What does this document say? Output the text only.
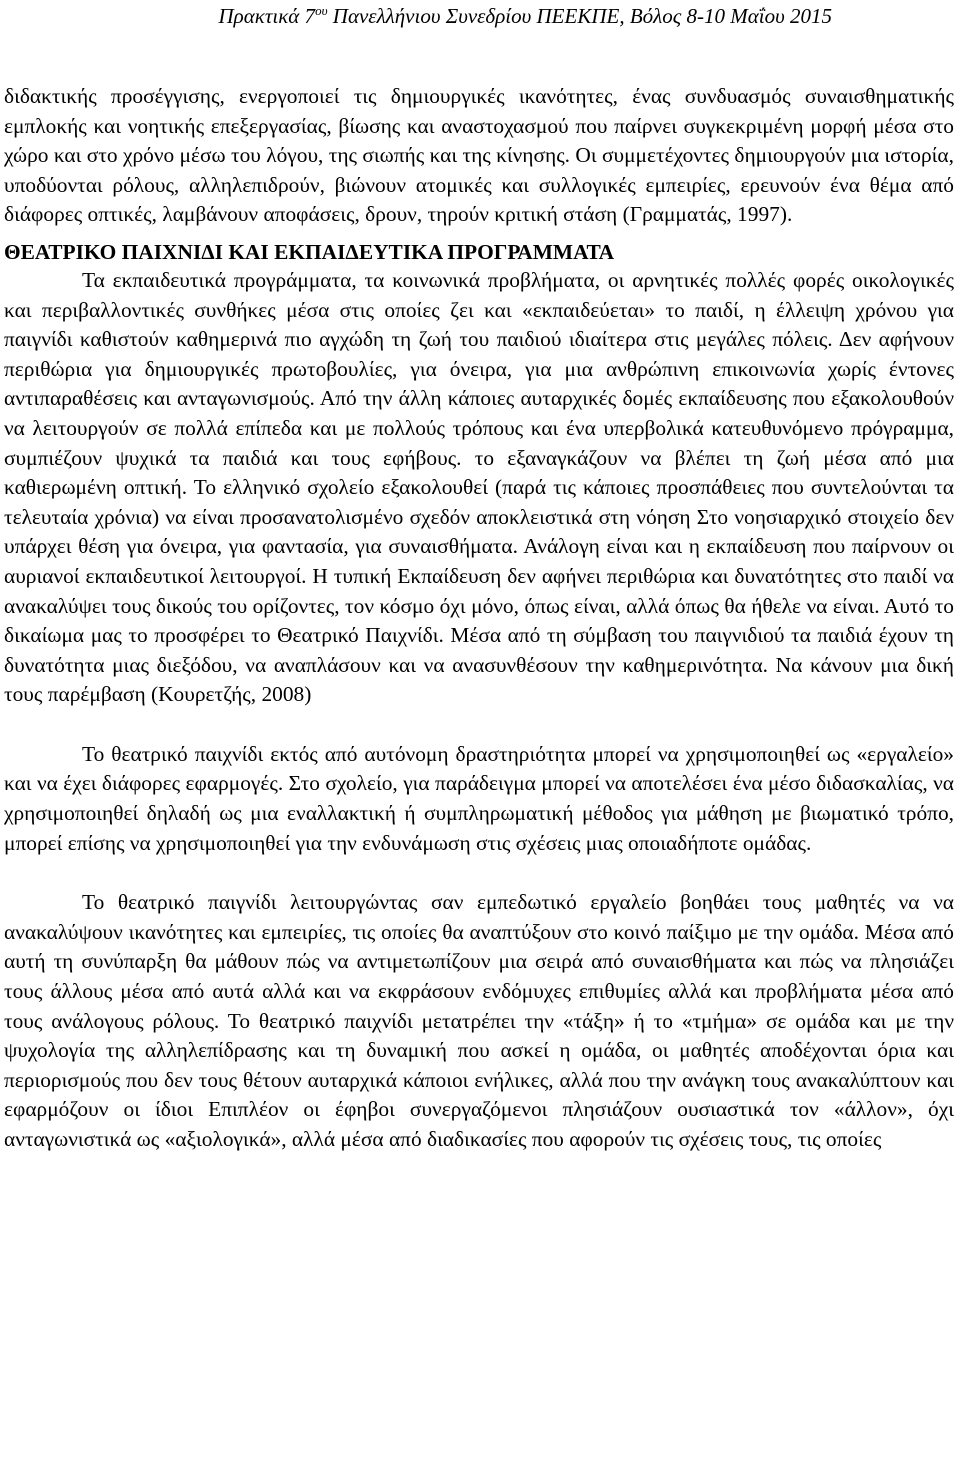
Πρακτικά $7^{o\upsilon}$ Πανελλήνιου Συνεδρίου ΠΕΕΚΠΕ, Βόλος 8-10 Μαΐου 2015

διδακτικής προσέγγισης, ενεργοποιεί τις δημιουργικές ικανότητες, ένας συνδυασμός συναισθηματικής εμπλοκής και νοητικής επεξεργασίας, βίωσης και αναστοχασμού που παίρνει συγκεκριμένη μορφή μέσα στο χώρο και στο χρόνο μέσω του λόγου, της σιωπής και της κίνησης. Οι συμμετέχοντες δημιουργούν μια ιστορία, υποδύονται ρόλους, αλληλεπιδρούν, βιώνουν ατομικές και συλλογικές εμπειρίες, ερευνούν ένα θέμα από διάφορες οπτικές, λαμβάνουν αποφάσεις, δρουν, τηρούν κριτική στάση (Γραμματάς, 1997).

ΘΕΑΤΡΙΚΟ ΠΑΙΧΝΙΔΙ ΚΑΙ ΕΚΠΑΙΔΕΥΤΙΚΑ ΠΡΟΓΡΑΜΜΑΤΑ

Τα εκπαιδευτικά προγράμματα, τα κοινωνικά προβλήματα, οι αρνητικές πολλές φορές οικολογικές και περιβαλλοντικές συνθήκες μέσα στις οποίες ζει και «εκπαιδεύεται» το παιδί, η έλλειψη χρόνου για παιγνίδι καθιστούν καθημερινά πιο αγχώδη τη ζωή του παιδιού ιδιαίτερα στις μεγάλες πόλεις. Δεν αφήνουν περιθώρια για δημιουργικές πρωτοβουλίες, για όνειρα, για μια ανθρώπινη επικοινωνία χωρίς έντονες αντιπαραθέσεις και ανταγωνισμούς. Από την άλλη κάποιες αυταρχικές δομές εκπαίδευσης που εξακολουθούν να λειτουργούν σε πολλά επίπεδα και με πολλούς τρόπους και ένα υπερβολικά κατευθυνόμενο πρόγραμμα, συμπιέζουν ψυχικά τα παιδιά και τους εφήβους. το εξαναγκάζουν να βλέπει τη ζωή μέσα από μια καθιερωμένη οπτική. Το ελληνικό σχολείο εξακολουθεί (παρά τις κάποιες προσπάθειες που συντελούνται τα τελευταία χρόνια) να είναι προσανατολισμένο σχεδόν αποκλειστικά στη νόηση Στο νοησιαρχικό στοιχείο δεν υπάρχει θέση για όνειρα, για φαντασία, για συναισθήματα. Ανάλογη είναι και η εκπαίδευση που παίρνουν οι αυριανοί εκπαιδευτικοί λειτουργοί. Η τυπική Εκπαίδευση δεν αφήνει περιθώρια και δυνατότητες στο παιδί να ανακαλύψει τους δικούς του ορίζοντες, τον κόσμο όχι μόνο, όπως είναι, αλλά όπως θα ήθελε να είναι. Αυτό το δικαίωμα μας το προσφέρει το Θεατρικό Παιχνίδι. Μέσα από τη σύμβαση του παιγνιδιού τα παιδιά έχουν τη δυνατότητα μιας διεξόδου, να αναπλάσουν και να ανασυνθέσουν την καθημερινότητα. Να κάνουν μια δική τους παρέμβαση (Κουρετζής, 2008)

Το θεατρικό παιχνίδι εκτός από αυτόνομη δραστηριότητα μπορεί να χρησιμοποιηθεί ως «εργαλείο» και να έχει διάφορες εφαρμογές. Στο σχολείο, για παράδειγμα μπορεί να αποτελέσει ένα μέσο διδασκαλίας, να χρησιμοποιηθεί δηλαδή ως μια εναλλακτική ή συμπληρωματική μέθοδος για μάθηση με βιωματικό τρόπο, μπορεί επίσης να χρησιμοποιηθεί για την ενδυνάμωση στις σχέσεις μιας οποιαδήποτε ομάδας.

Το θεατρικό παιγνίδι λειτουργώντας σαν εμπεδωτικό εργαλείο βοηθάει τους μαθητές να να ανακαλύψουν ικανότητες και εμπειρίες, τις οποίες θα αναπτύξουν στο κοινό παίξιμο με την ομάδα. Μέσα από αυτή τη συνύπαρξη θα μάθουν πώς να αντιμετωπίζουν μια σειρά από συναισθήματα και πώς να πλησιάζει τους άλλους μέσα από αυτά αλλά και να εκφράσουν ενδόμυχες επιθυμίες αλλά και προβλήματα μέσα από τους ανάλογους ρόλους. Το θεατρικό παιχνίδι μετατρέπει την «τάξη» ή το «τμήμα» σε ομάδα και με την ψυχολογία της αλληλεπίδρασης και τη δυναμική που ασκεί η ομάδα, οι μαθητές αποδέχονται όρια και περιορισμούς που δεν τους θέτουν αυταρχικά κάποιοι ενήλικες, αλλά που την ανάγκη τους ανακαλύπτουν και εφαρμόζουν οι ίδιοι Επιπλέον οι έφηβοι συνεργαζόμενοι πλησιάζουν ουσιαστικά τον «άλλον», όχι ανταγωνιστικά ως «αξιολογικά», αλλά μέσα από διαδικασίες που αφορούν τις σχέσεις τους, τις οποίες
